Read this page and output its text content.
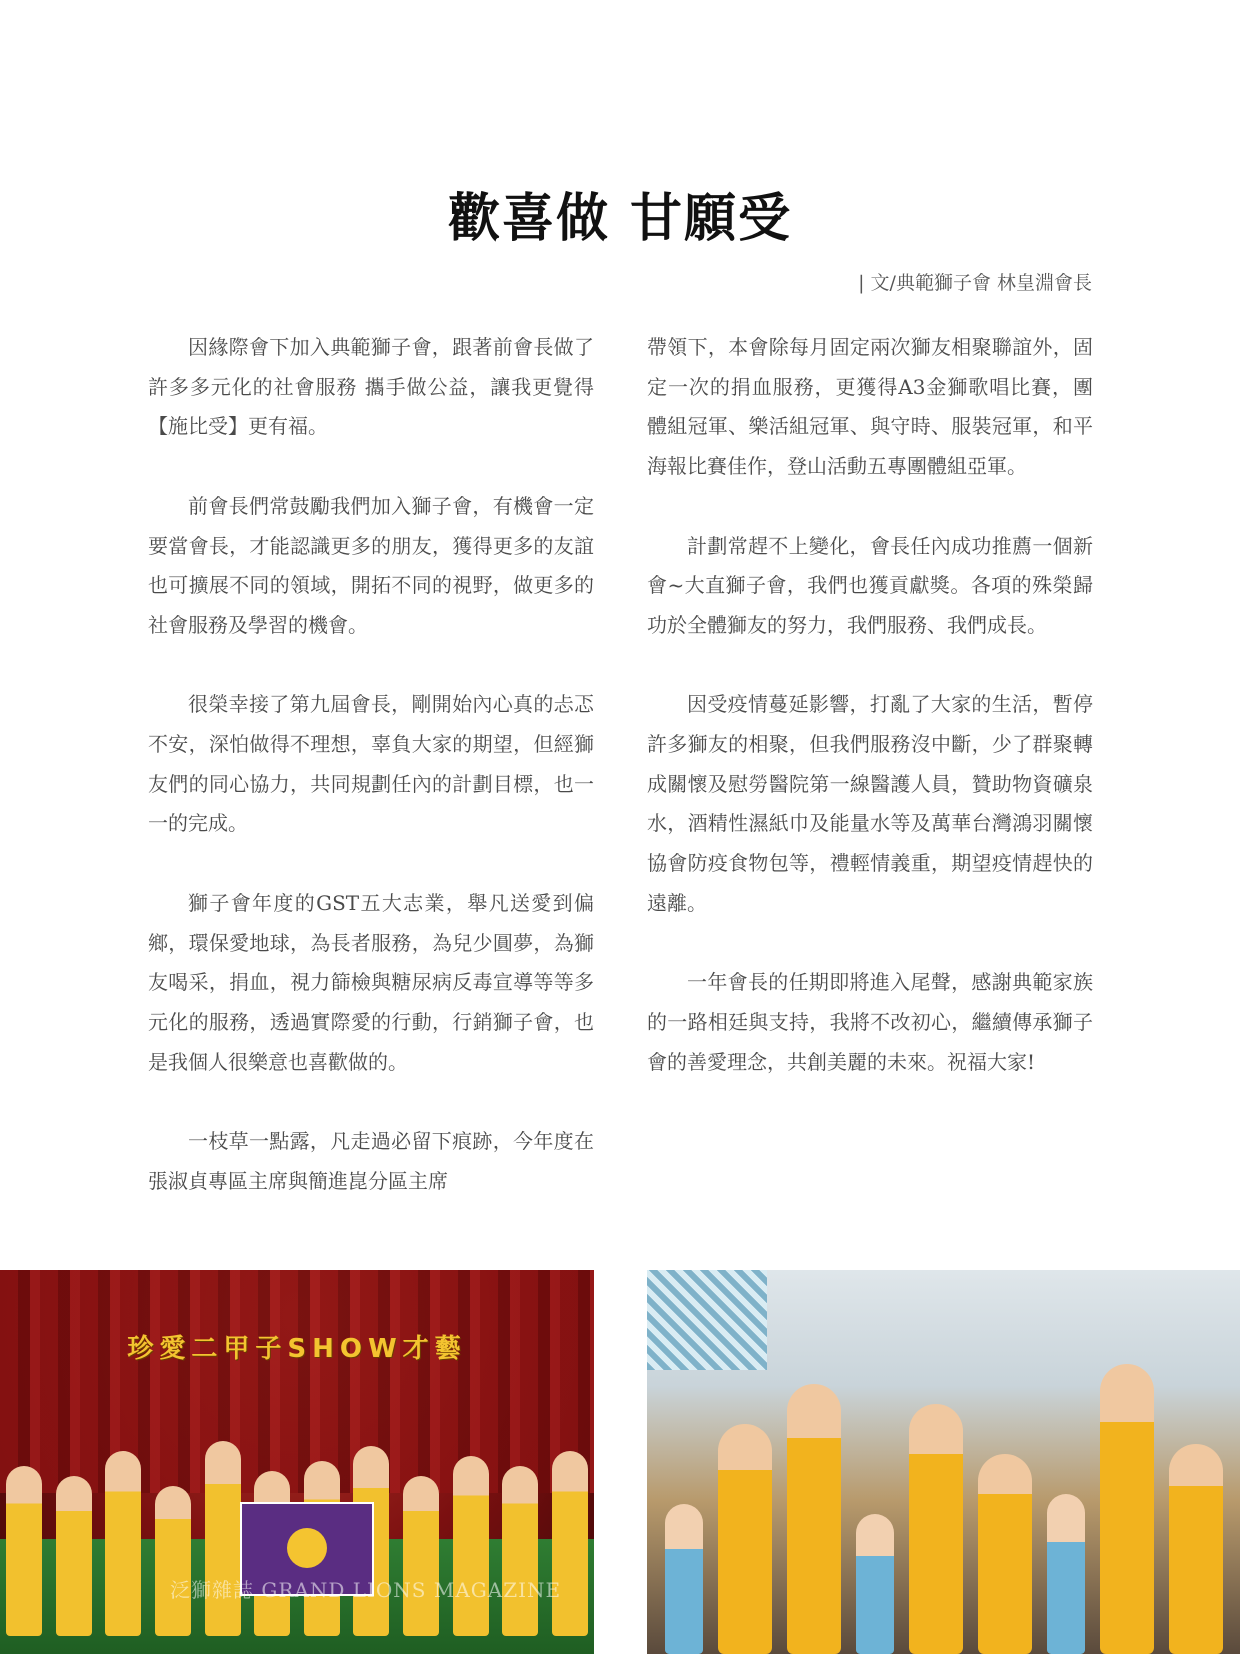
歡喜做 甘願受
| 文/典範獅子會 林皇淵會長

因緣際會下加入典範獅子會，跟著前會長做了許多多元化的社會服務 攜手做公益，讓我更覺得【施比受】更有福。

前會長們常鼓勵我們加入獅子會，有機會一定要當會長，才能認識更多的朋友，獲得更多的友誼也可擴展不同的領域，開拓不同的視野，做更多的社會服務及學習的機會。

很榮幸接了第九屆會長，剛開始內心真的忐忑不安，深怕做得不理想，辜負大家的期望，但經獅友們的同心協力，共同規劃任內的計劃目標，也一一的完成。

獅子會年度的GST五大志業，舉凡送愛到偏鄉，環保愛地球，為長者服務，為兒少圓夢，為獅友喝采，捐血，視力篩檢與糖尿病反毒宣導等等多元化的服務，透過實際愛的行動，行銷獅子會，也是我個人很樂意也喜歡做的。

一枝草一點露，凡走過必留下痕跡，今年度在張淑貞專區主席與簡進崑分區主席

帶領下，本會除每月固定兩次獅友相聚聯誼外，固定一次的捐血服務，更獲得A3金獅歌唱比賽，團體組冠軍、樂活組冠軍、與守時、服裝冠軍，和平海報比賽佳作，登山活動五專團體組亞軍。

計劃常趕不上變化，會長任內成功推薦一個新會~大直獅子會，我們也獲貢獻獎。各項的殊榮歸功於全體獅友的努力，我們服務、我們成長。

因受疫情蔓延影響，打亂了大家的生活，暫停許多獅友的相聚，但我們服務沒中斷，少了群聚轉成關懷及慰勞醫院第一線醫護人員，贊助物資礦泉水，酒精性濕紙巾及能量水等及萬華台灣鴻羽關懷協會防疫食物包等，禮輕情義重，期望疫情趕快的遠離。

一年會長的任期即將進入尾聲，感謝典範家族的一路相廷與支持，我將不改初心，繼續傳承獅子會的善愛理念，共創美麗的未來。祝福大家!

珍愛二甲子SHOW才藝
泛獅雜誌 GRAND LIONS MAGAZINE
